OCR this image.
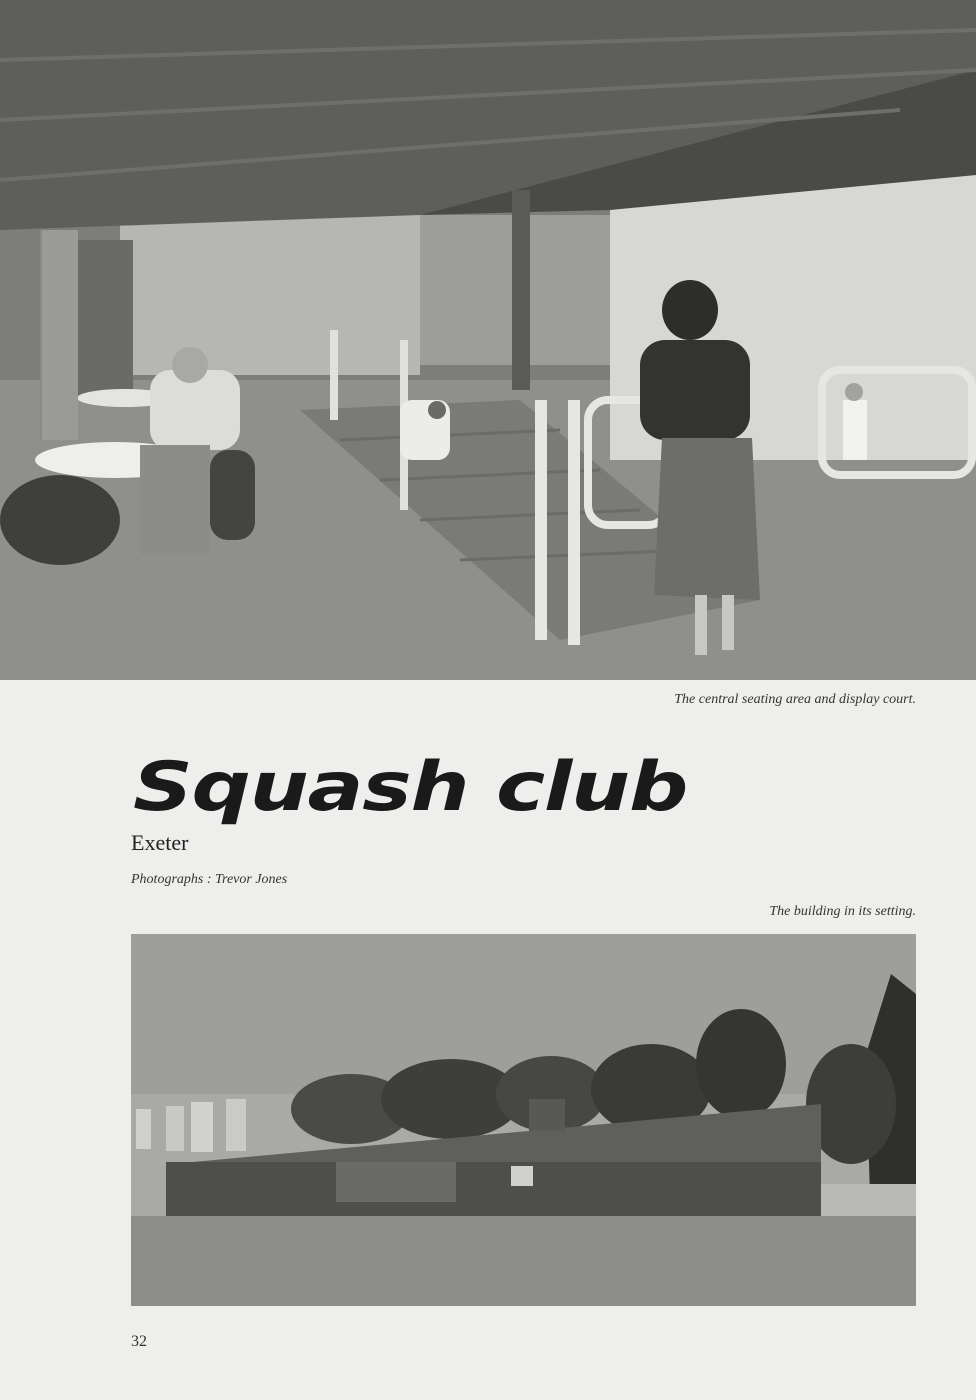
The central seating area and display court.
Squash club
Exeter
Photographs : Trevor Jones
The building in its setting.
32
